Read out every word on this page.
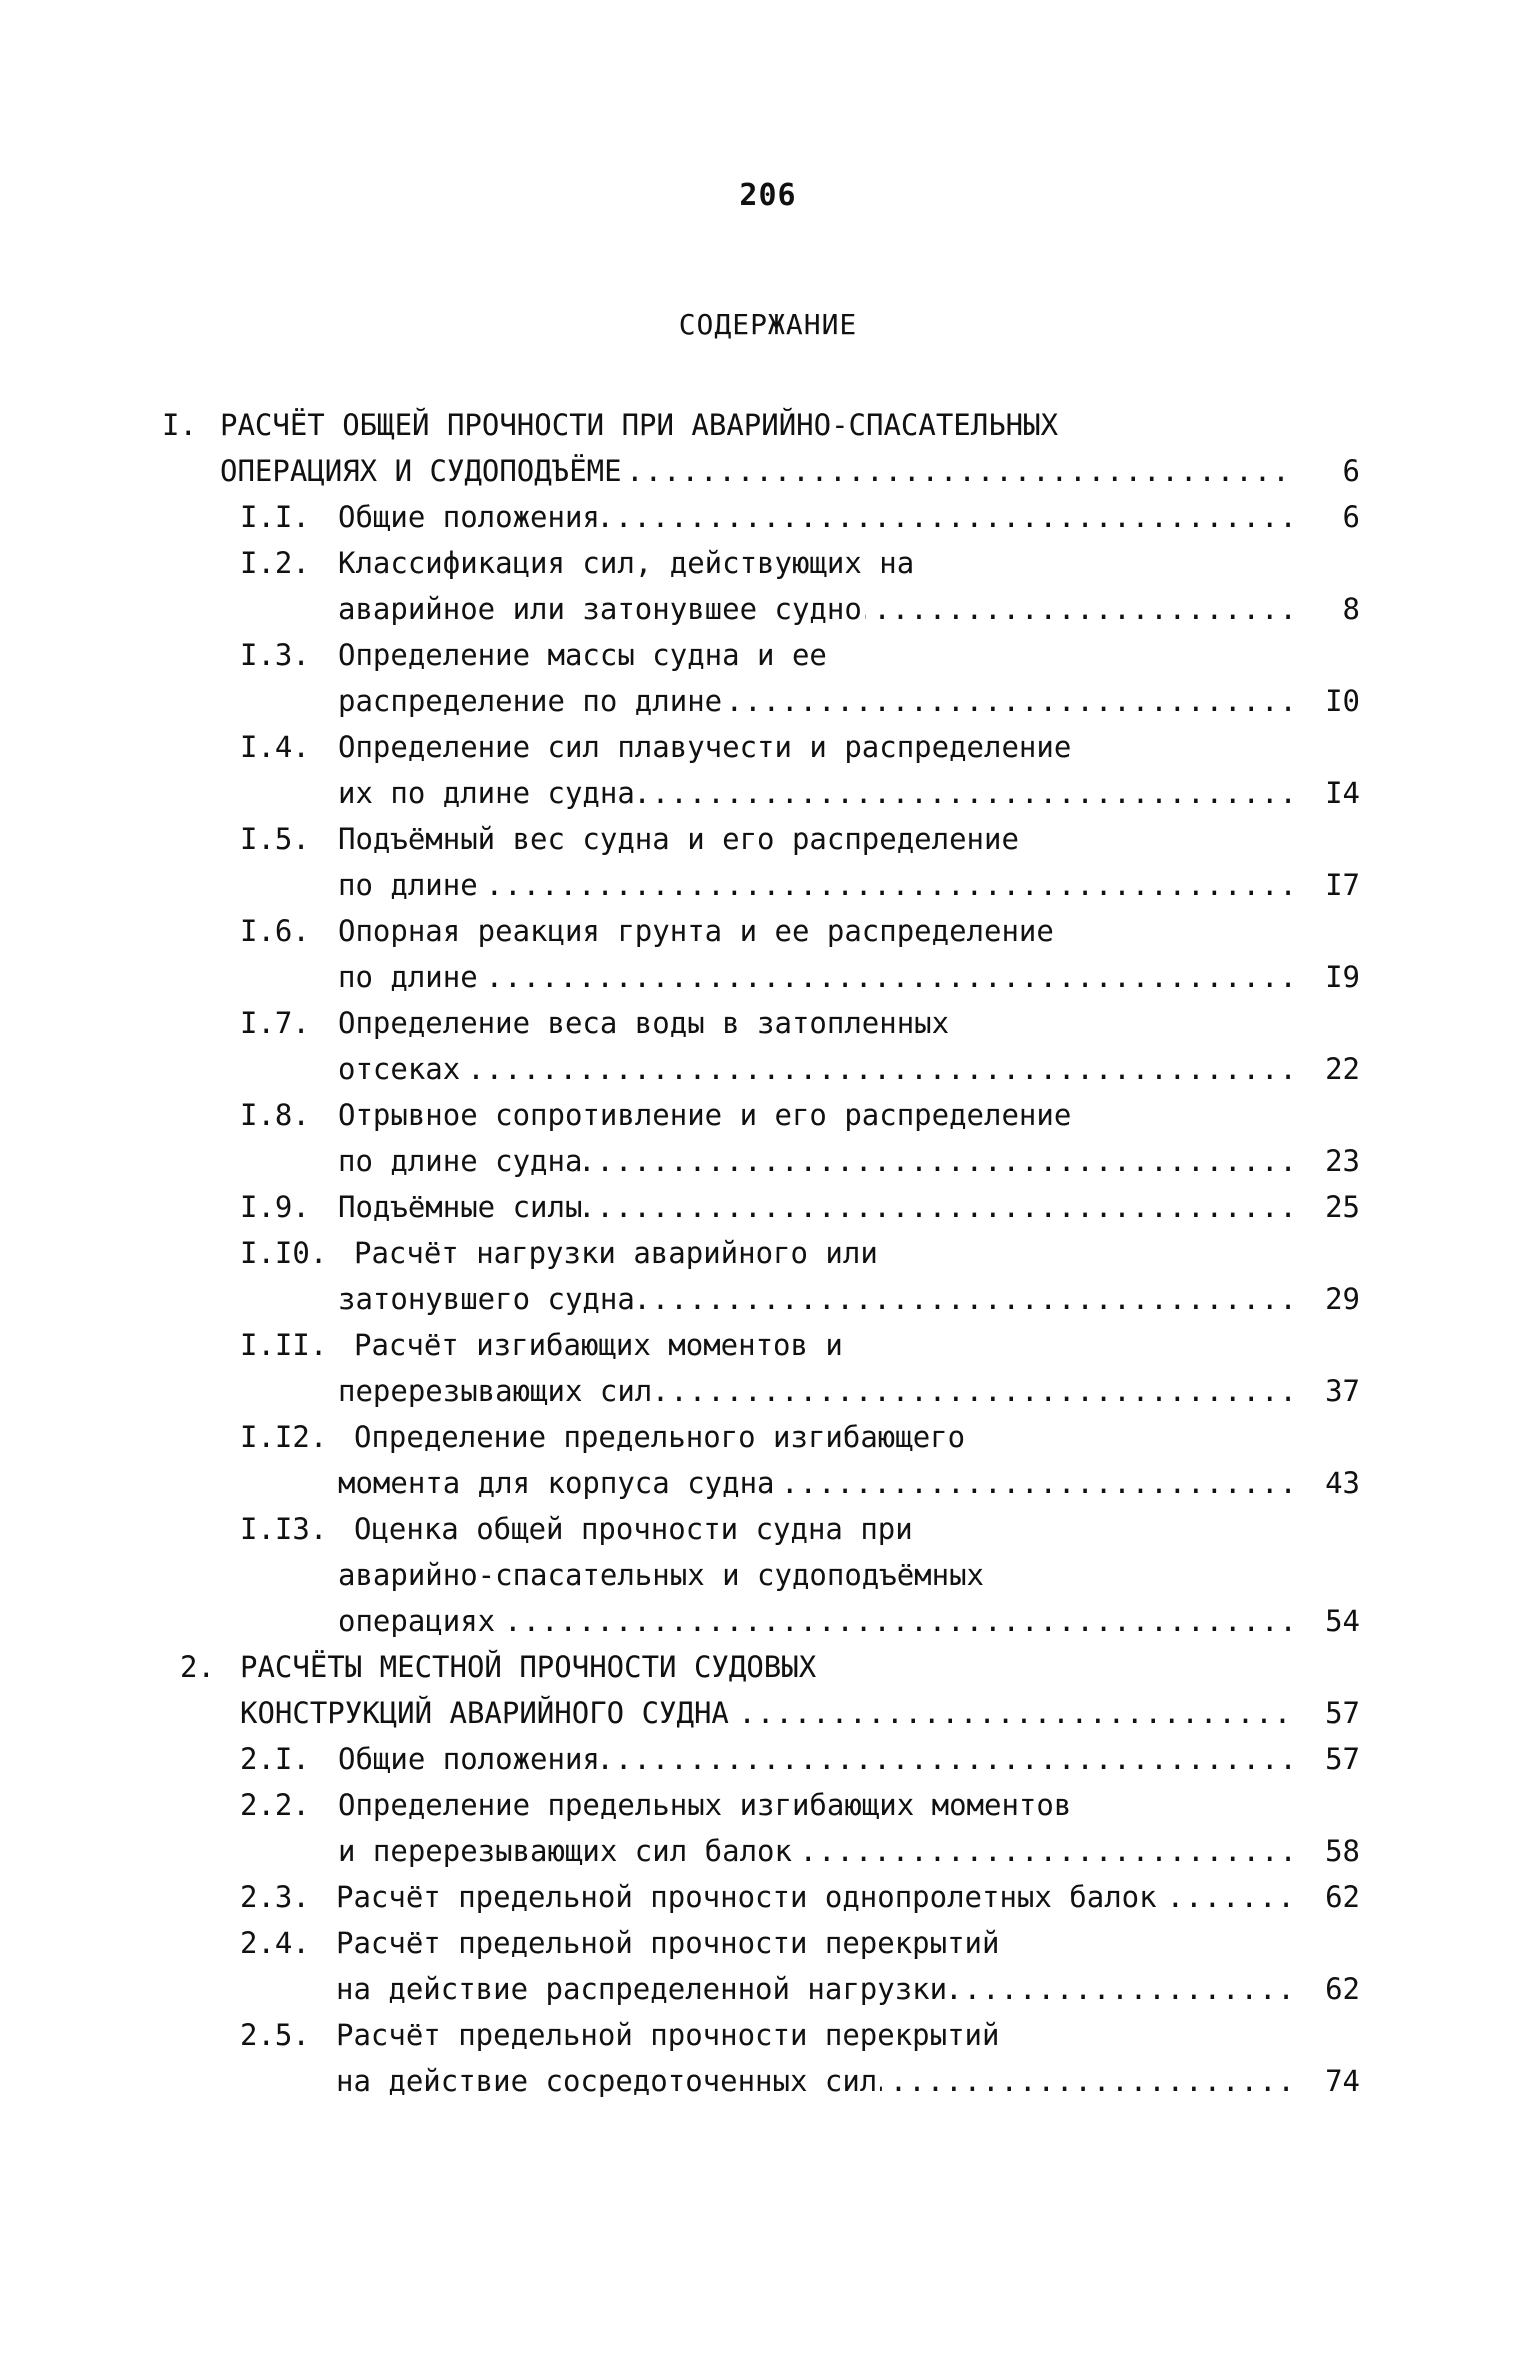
206
СОДЕРЖАНИЕ
I. РАСЧЁТ ОБЩЕЙ ПРОЧНОСТИ ПРИ АВАРИЙНО-СПАСАТЕЛЬНЫХ
ОПЕРАЦИЯХ И СУДОПОДЪЁМЕ .....	6
I.I. Общие положения .....	6
I.2. Классификация сил, действующих на
аварийное или затонувшее судно .....	8
I.3. Определение массы судна и ее
распределение по длине .....	I0
I.4. Определение сил плавучести и распределение
их по длине судна .....	I4
I.5. Подъёмный вес судна и его распределение
по длине .....	I7
I.6. Опорная реакция грунта и ее распределение
по длине .....	I9
I.7. Определение веса воды в затопленных
отсеках .....	22
I.8. Отрывное сопротивление и его распределение
по длине судна .....	23
I.9. Подъёмные силы .....	25
I.I0. Расчёт нагрузки аварийного или
затонувшего судна .....	29
I.II. Расчёт изгибающих моментов и
перерезывающих сил .....	37
I.I2. Определение предельного изгибающего
момента для корпуса судна .....	43
I.I3. Оценка общей прочности судна при
аварийно-спасательных и судоподъёмных
операциях .....	54
2. РАСЧЁТЫ МЕСТНОЙ ПРОЧНОСТИ СУДОВЫХ
КОНСТРУКЦИЙ АВАРИЙНОГО СУДНА .....	57
2.I. Общие положения .....	57
2.2. Определение предельных изгибающих моментов
и перерезывающих сил балок .....	58
2.3. Расчёт предельной прочности однопролетных балок .....	62
2.4. Расчёт предельной прочности перекрытий
на действие распределенной нагрузки .....	62
2.5. Расчёт предельной прочности перекрытий
на действие сосредоточенных сил .....	74
